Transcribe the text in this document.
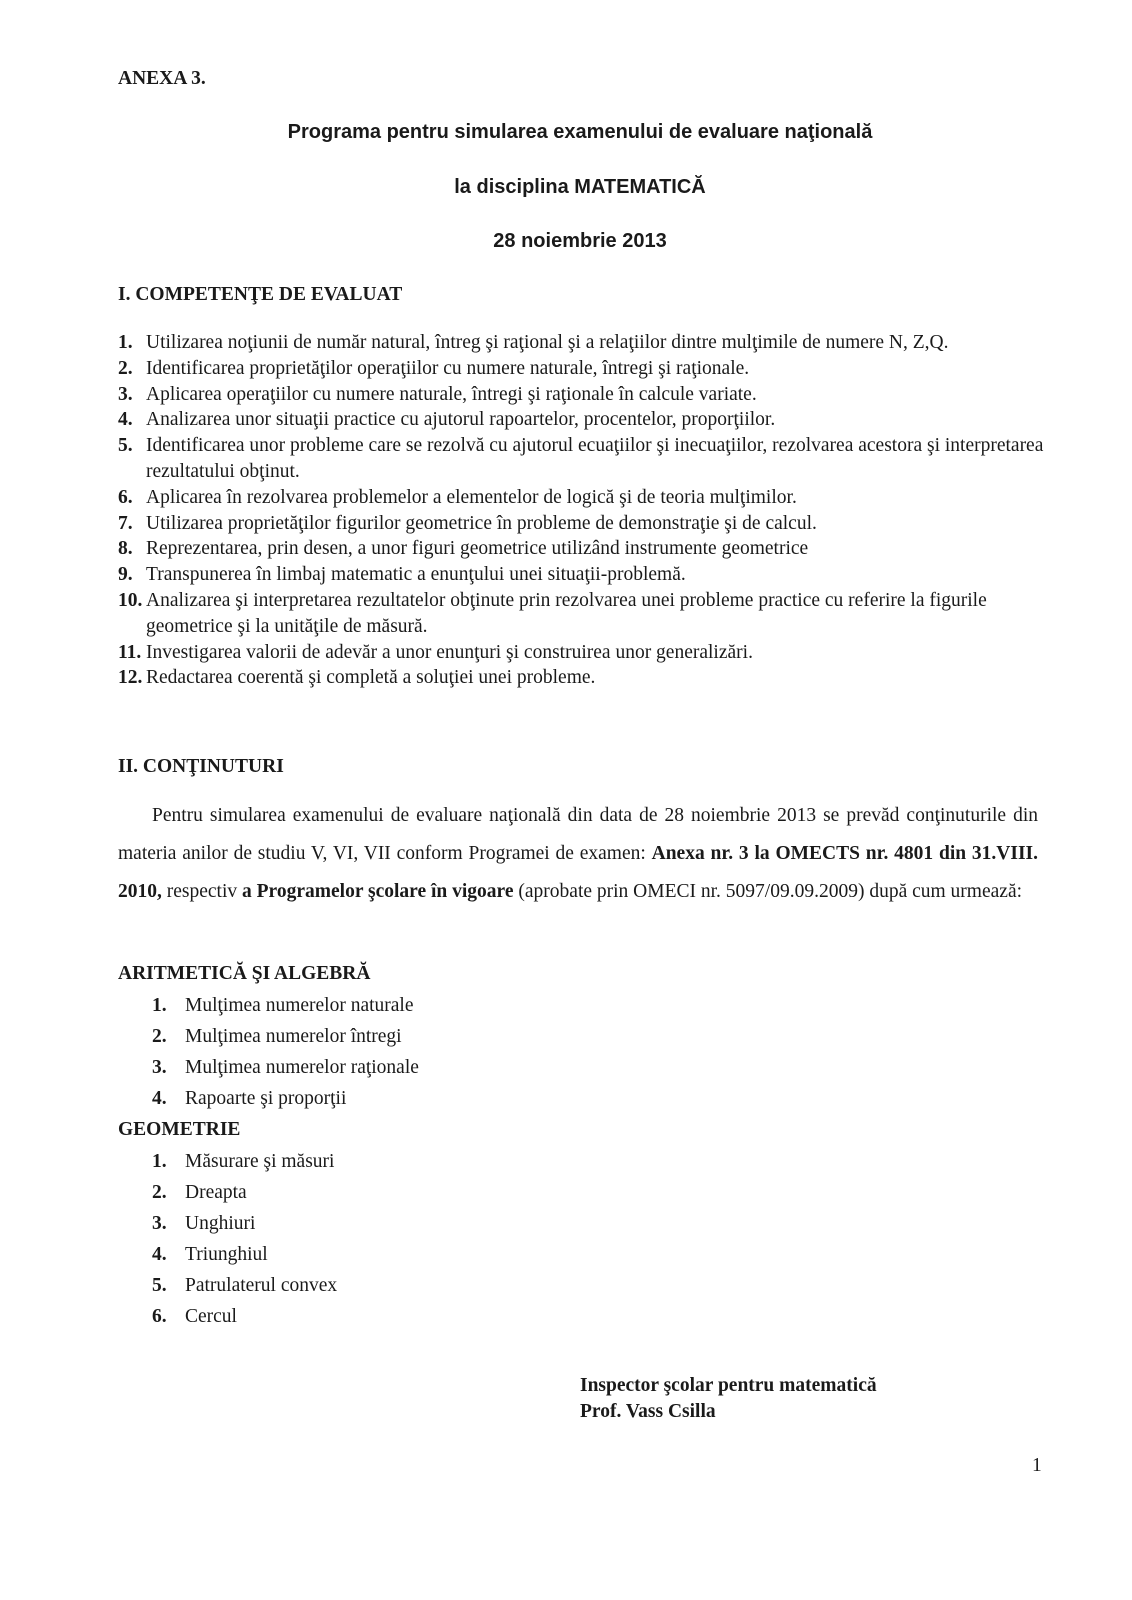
ANEXA 3.
Programa pentru simularea examenului de evaluare naţională
la disciplina MATEMATICĂ
28 noiembrie 2013
I. COMPETENŢE DE EVALUAT
1. Utilizarea noţiunii de număr natural, întreg şi raţional şi a relaţiilor dintre mulţimile de numere N, Z,Q.
2. Identificarea proprietăţilor operaţiilor cu numere naturale, întregi şi raţionale.
3. Aplicarea operaţiilor cu numere naturale, întregi şi raţionale în calcule variate.
4. Analizarea unor situaţii practice cu ajutorul rapoartelor, procentelor, proporţiilor.
5. Identificarea unor probleme care se rezolvă cu ajutorul ecuaţiilor şi inecuaţiilor, rezolvarea acestora şi interpretarea rezultatului obţinut.
6. Aplicarea în rezolvarea problemelor a elementelor de logică şi de teoria mulţimilor.
7. Utilizarea proprietăţilor figurilor geometrice în probleme de demonstraţie şi de calcul.
8. Reprezentarea, prin desen, a unor figuri geometrice utilizând instrumente geometrice
9. Transpunerea în limbaj matematic a enunţului unei situaţii-problemă.
10. Analizarea şi interpretarea rezultatelor obţinute prin rezolvarea unei probleme practice cu referire la figurile geometrice şi la unităţile de măsură.
11. Investigarea valorii de adevăr a unor enunţuri şi construirea unor generalizări.
12. Redactarea coerentă şi completă a soluţiei unei probleme.
II. CONŢINUTURI
Pentru simularea examenului de evaluare naţională din data de 28 noiembrie 2013 se prevăd conţinuturile din materia anilor de studiu V, VI, VII conform Programei de examen: Anexa nr. 3 la OMECTS nr. 4801 din 31.VIII. 2010, respectiv a Programelor şcolare în vigoare (aprobate prin OMECI nr. 5097/09.09.2009) după cum urmează:
ARITMETICĂ ŞI ALGEBRĂ
1. Mulţimea numerelor naturale
2. Mulţimea numerelor întregi
3. Mulţimea numerelor raţionale
4. Rapoarte şi proporţii
GEOMETRIE
1. Măsurare şi măsuri
2. Dreapta
3. Unghiuri
4. Triunghiul
5. Patrulaterul convex
6. Cercul
Inspector şcolar pentru matematică
Prof. Vass Csilla
1
